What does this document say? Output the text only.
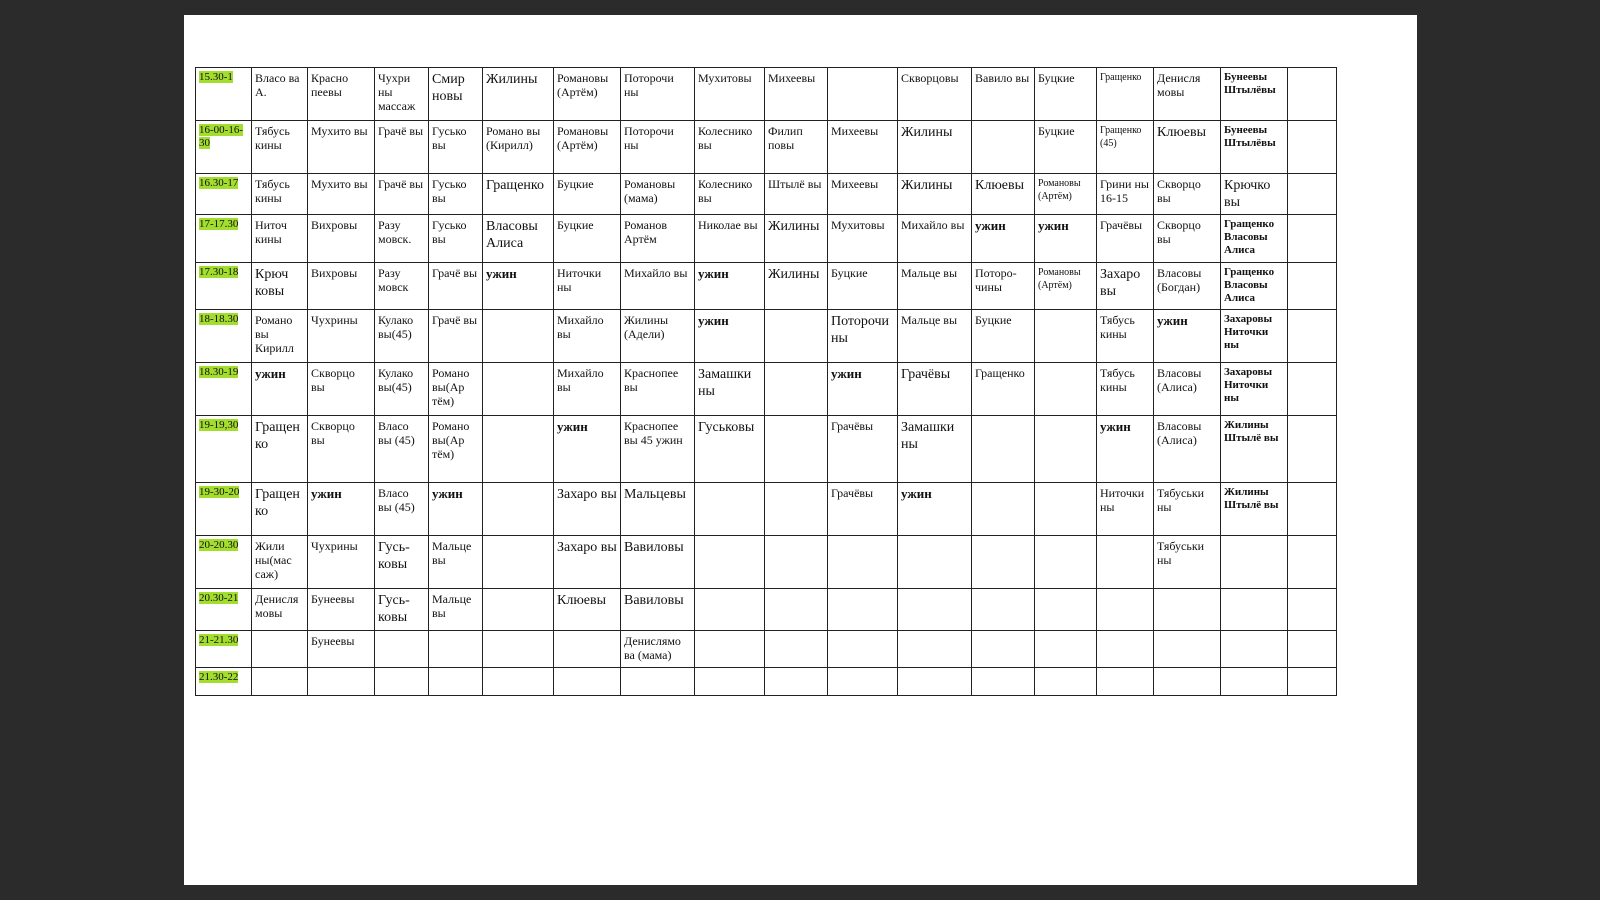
15.30-1	Власо ва А.	Красно пеевы	Чухри ны массаж	Смир новы	Жилины	Романовы (Артём)	Поторочи ны	Мухитовы	Михеевы		Скворцовы	Вавило вы	Буцкие	Гращенко	Денисля мовы	Бунеевы Штылёвы	
16-00-16-30	Тябусь кины	Мухито вы	Грачё вы	Гусько вы	Романо вы (Кирилл)	Романовы (Артём)	Поторочи ны	Колеснико вы	Филип повы	Михеевы	Жилины		Буцкие	Гращенко (45)	Клюевы	Бунеевы Штылёвы	
16.30-17	Тябусь кины	Мухито вы	Грачё вы	Гусько вы	Гращенко	Буцкие	Романовы (мама)	Колеснико вы	Штылё вы	Михеевы	Жилины	Клюевы	Романовы (Артём)	Грини ны 16-15	Скворцо вы	Крючко вы	
17-17.30	Ниточ кины	Вихровы	Разу мовск.	Гусько вы	Власовы Алиса	Буцкие	Романов Артём	Николае вы	Жилины	Мухитовы	Михайло вы	ужин	ужин	Грачёвы	Скворцо вы	Гращенко Власовы Алиса	
17.30-18	Крюч ковы	Вихровы	Разу мовск	Грачё вы	ужин	Ниточки ны	Михайло вы	ужин	Жилины	Буцкие	Мальце вы	Поторо-чины	Романовы (Артём)	Захаро вы	Власовы (Богдан)	Гращенко Власовы Алиса	
18-18.30	Романо вы Кирилл	Чухрины	Кулако вы(45)	Грачё вы		Михайло вы	Жилины (Адели)	ужин		Поторочи ны	Мальце вы	Буцкие		Тябусь кины	ужин	Захаровы Ниточки ны	
18.30-19	ужин	Скворцо вы	Кулако вы(45)	Романо вы(Ар тём)		Михайло вы	Краснопее вы	Замашки ны		ужин	Грачёвы	Гращенко		Тябусь кины	Власовы (Алиса)	Захаровы Ниточки ны	
19-19,30	Гращен ко	Скворцо вы	Власо вы (45)	Романо вы(Ар тём)		ужин	Краснопее вы 45 ужин	Гуськовы		Грачёвы	Замашки ны			ужин	Власовы (Алиса)	Жилины Штылё вы	
19-30-20	Гращен ко	ужин	Власо вы (45)	ужин		Захаро вы	Мальцевы			Грачёвы	ужин			Ниточки ны	Тябуськи ны	Жилины Штылё вы	
20-20.30	Жили ны(мас саж)	Чухрины	Гусь-ковы	Мальце вы		Захаро вы	Вавиловы								Тябуськи ны		
20.30-21	Денисля мовы	Бунеевы	Гусь-ковы	Мальце вы		Клюевы	Вавиловы										
21-21.30		Бунеевы					Денислямо ва (мама)										
21.30-22																	
